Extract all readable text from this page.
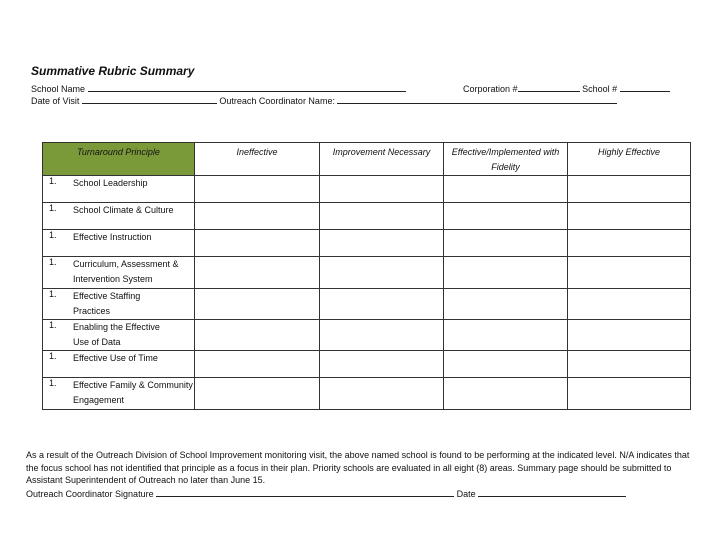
Summative Rubric Summary
School Name	Corporation #	School #
Date of Visit	Outreach Coordinator Name:
Turnaround Principle	Ineffective	Improvement Necessary	Effective/Implemented with Fidelity	Highly Effective

1. School Leadership				
1. School Climate & Culture				
1. Effective Instruction				
1. Curriculum, Assessment & Intervention System				
1. Effective Staffing Practices				
1. Enabling the Effective Use of Data				
1. Effective Use of Time				
1. Effective Family & Community Engagement				

As a result of the Outreach Division of School Improvement monitoring visit, the above named school is found to be performing at the indicated level. N/A indicates that the focus school has not identified that principle as a focus in their plan. Priority schools are evaluated in all eight (8) areas. Summary page should be submitted to Assistant Superintendent of Outreach no later than June 15.

Outreach Coordinator Signature	Date
